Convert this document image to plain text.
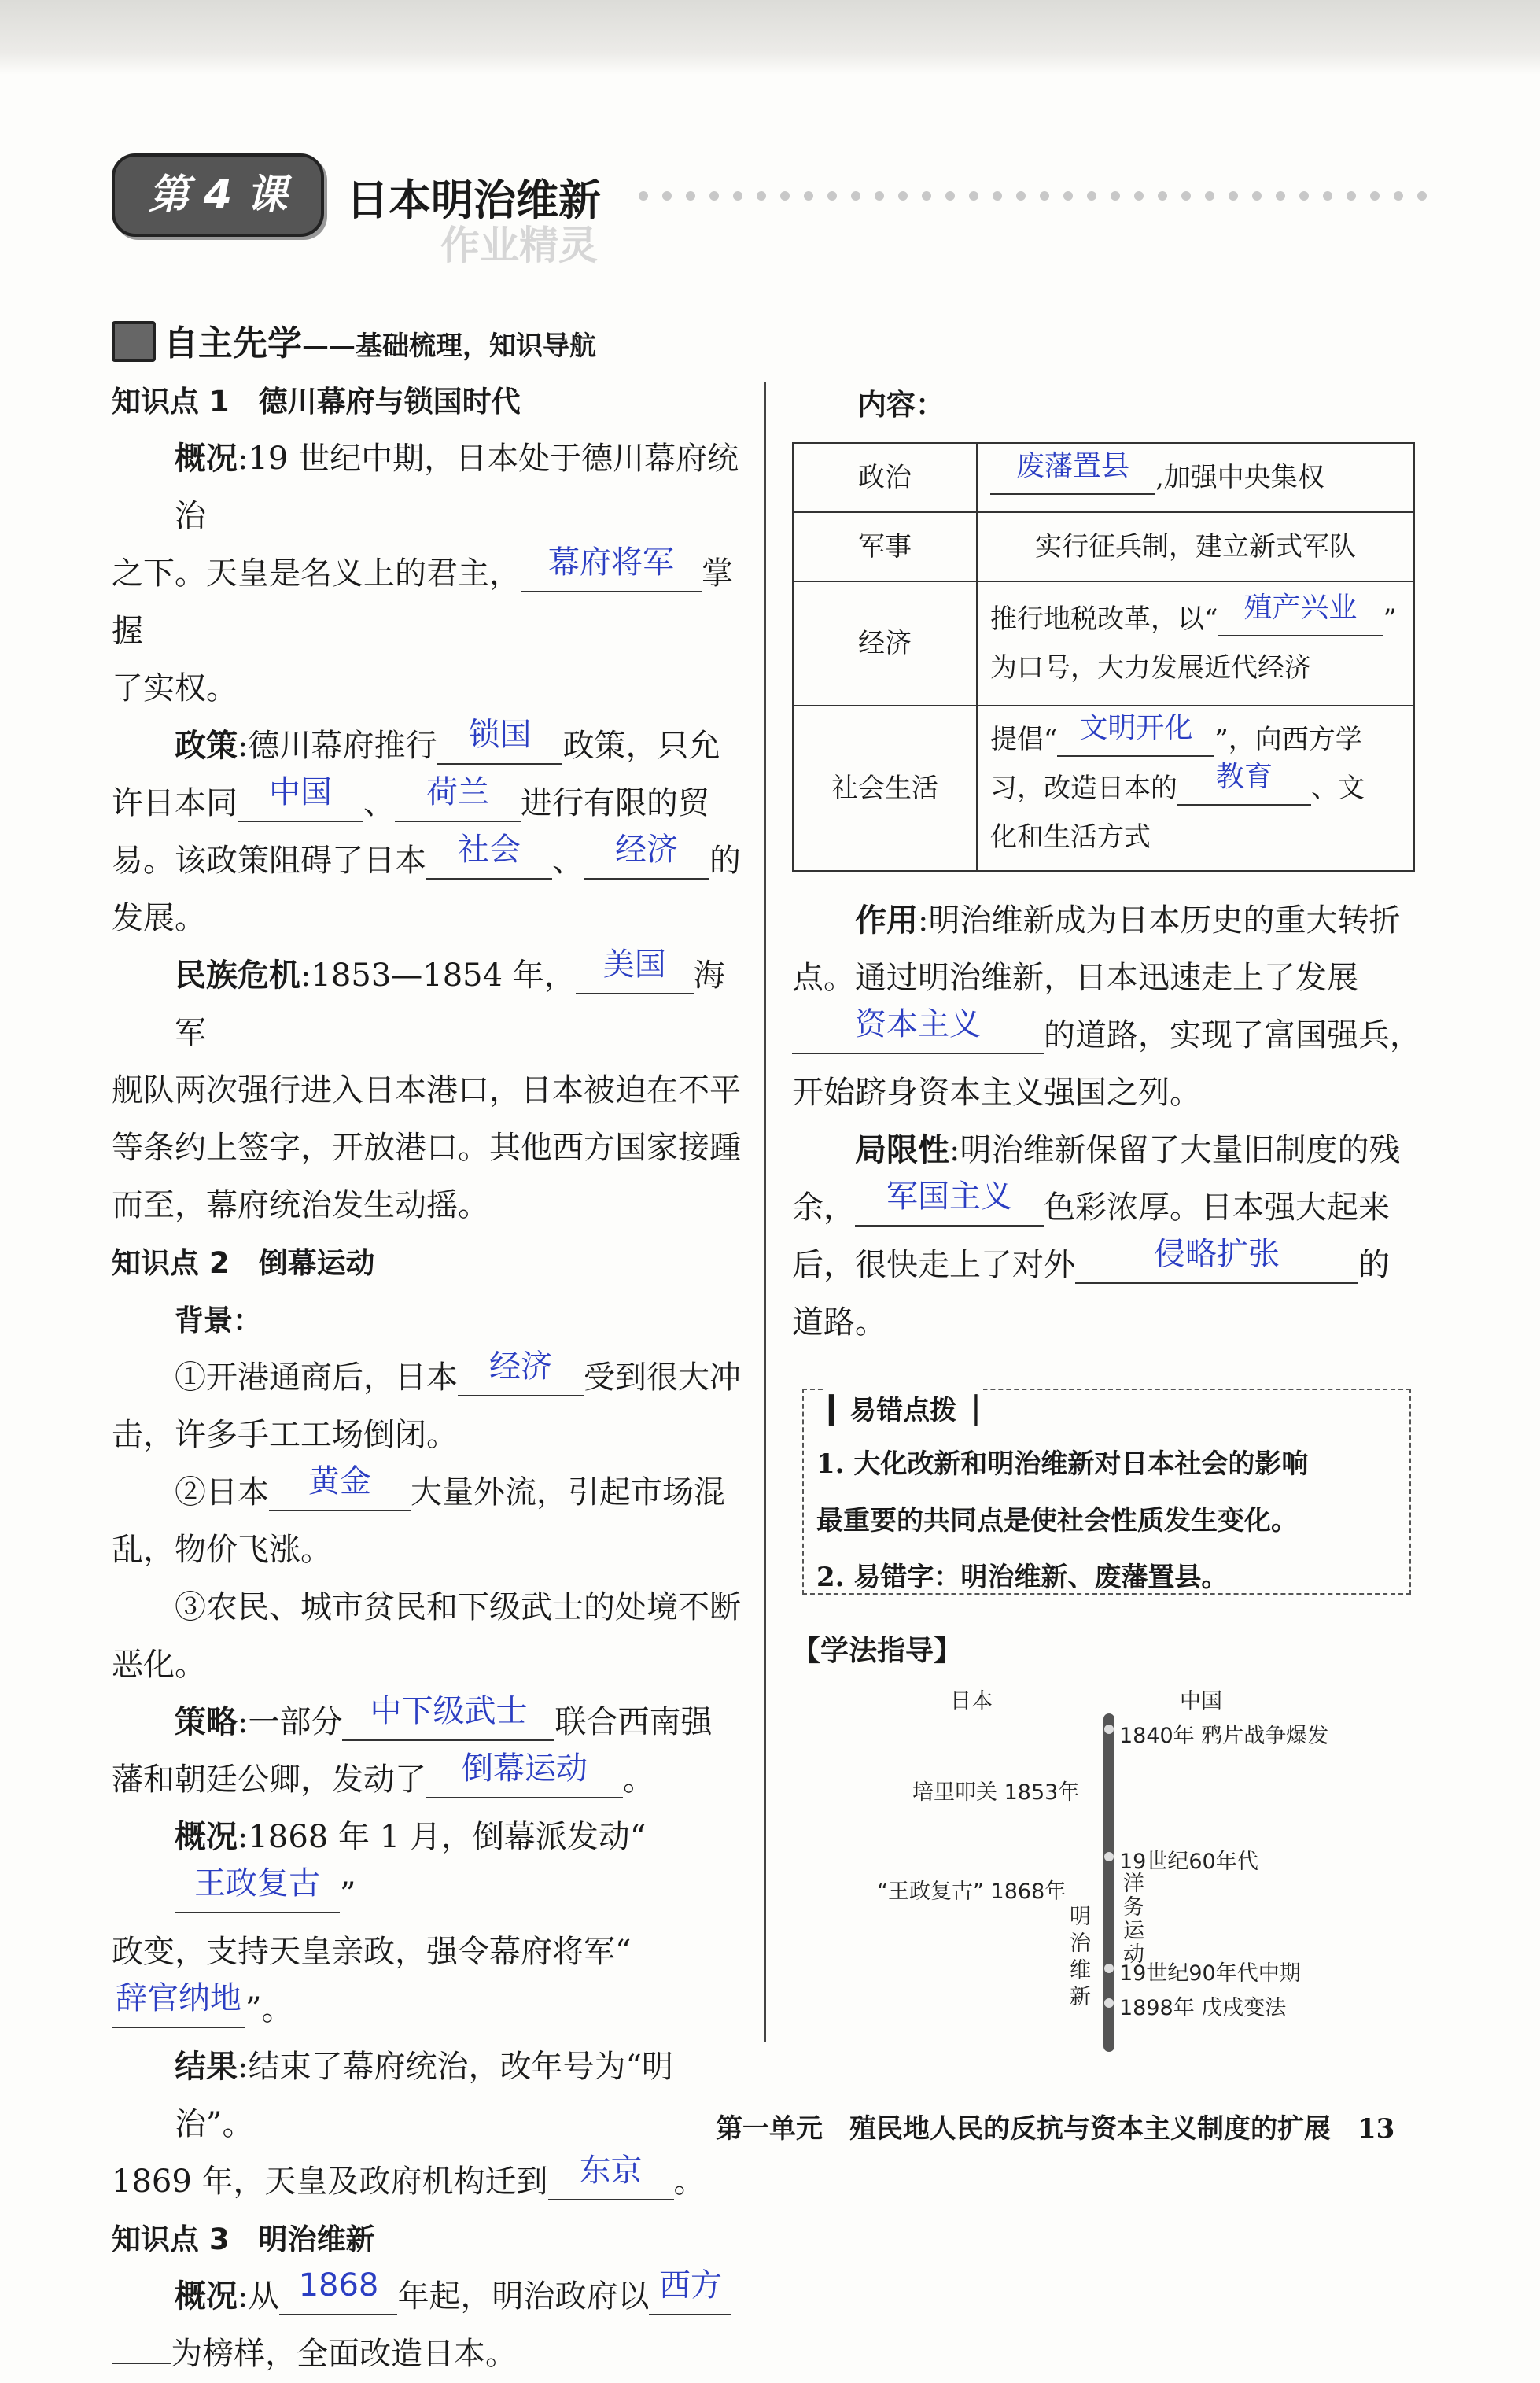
第 4 课	日本明治维新
作业精灵
自主先学——基础梳理，知识导航
知识点 1　德川幕府与锁国时代
概况:19 世纪中期，日本处于德川幕府统治
之下。天皇是名义上的君主， 幕府将军 掌握
了实权。
政策:德川幕府推行 锁国 政策，只允
许日本同 中国 、 荷兰 进行有限的贸
易。该政策阻碍了日本 社会 、 经济 的
发展。
民族危机:1853—1854 年， 美国 海军
舰队两次强行进入日本港口，日本被迫在不平
等条约上签字，开放港口。其他西方国家接踵
而至，幕府统治发生动摇。
知识点 2　倒幕运动
背景：
①开港通商后，日本 经济 受到很大冲
击，许多手工工场倒闭。
②日本 黄金 大量外流，引起市场混
乱，物价飞涨。
③农民、城市贫民和下级武士的处境不断
恶化。
策略:一部分 中下级武士 联合西南强
藩和朝廷公卿，发动了 倒幕运动 。
概况:1868 年 1 月，倒幕派发动“王政复古 ”
政变，支持天皇亲政，强令幕府将军“辞官纳地 ”。
结果:结束了幕府统治，改年号为“明治”。
1869 年，天皇及政府机构迁到 东京 。
知识点 3　明治维新
概况:从 1868 年起，明治政府以 西方
为榜样，全面改造日本。
内容：
政治	废藩置县 ,加强中央集权
军事	实行征兵制，建立新式军队
经济	推行地税改革，以“ 殖产兴业 ”
为口号，大力发展近代经济

社会生活	提倡“ 文明开化 ”，向西方学
习，改造日本的 教育 、文
化和生活方式
作用:明治维新成为日本历史的重大转折
点。通过明治维新，日本迅速走上了发展
资本主义 的道路，实现了富国强兵，
开始跻身资本主义强国之列。
局限性:明治维新保留了大量旧制度的残
余， 军国主义 色彩浓厚。日本强大起来
后，很快走上了对外	侵略扩张	的
道路。
▎易错点拨▕
1. 大化改新和明治维新对日本社会的影响
最重要的共同点是使社会性质发生变化。
2. 易错字：明治维新、废藩置县。
【学法指导】
日本	中国
1840年 鸦片战争爆发
培里叩关 1853年
19世纪60年代
“王政复古” 1868年	洋务运动
明治维新
19世纪90年代中期
1898年 戊戌变法
第一单元　殖民地人民的反抗与资本主义制度的扩展 13
